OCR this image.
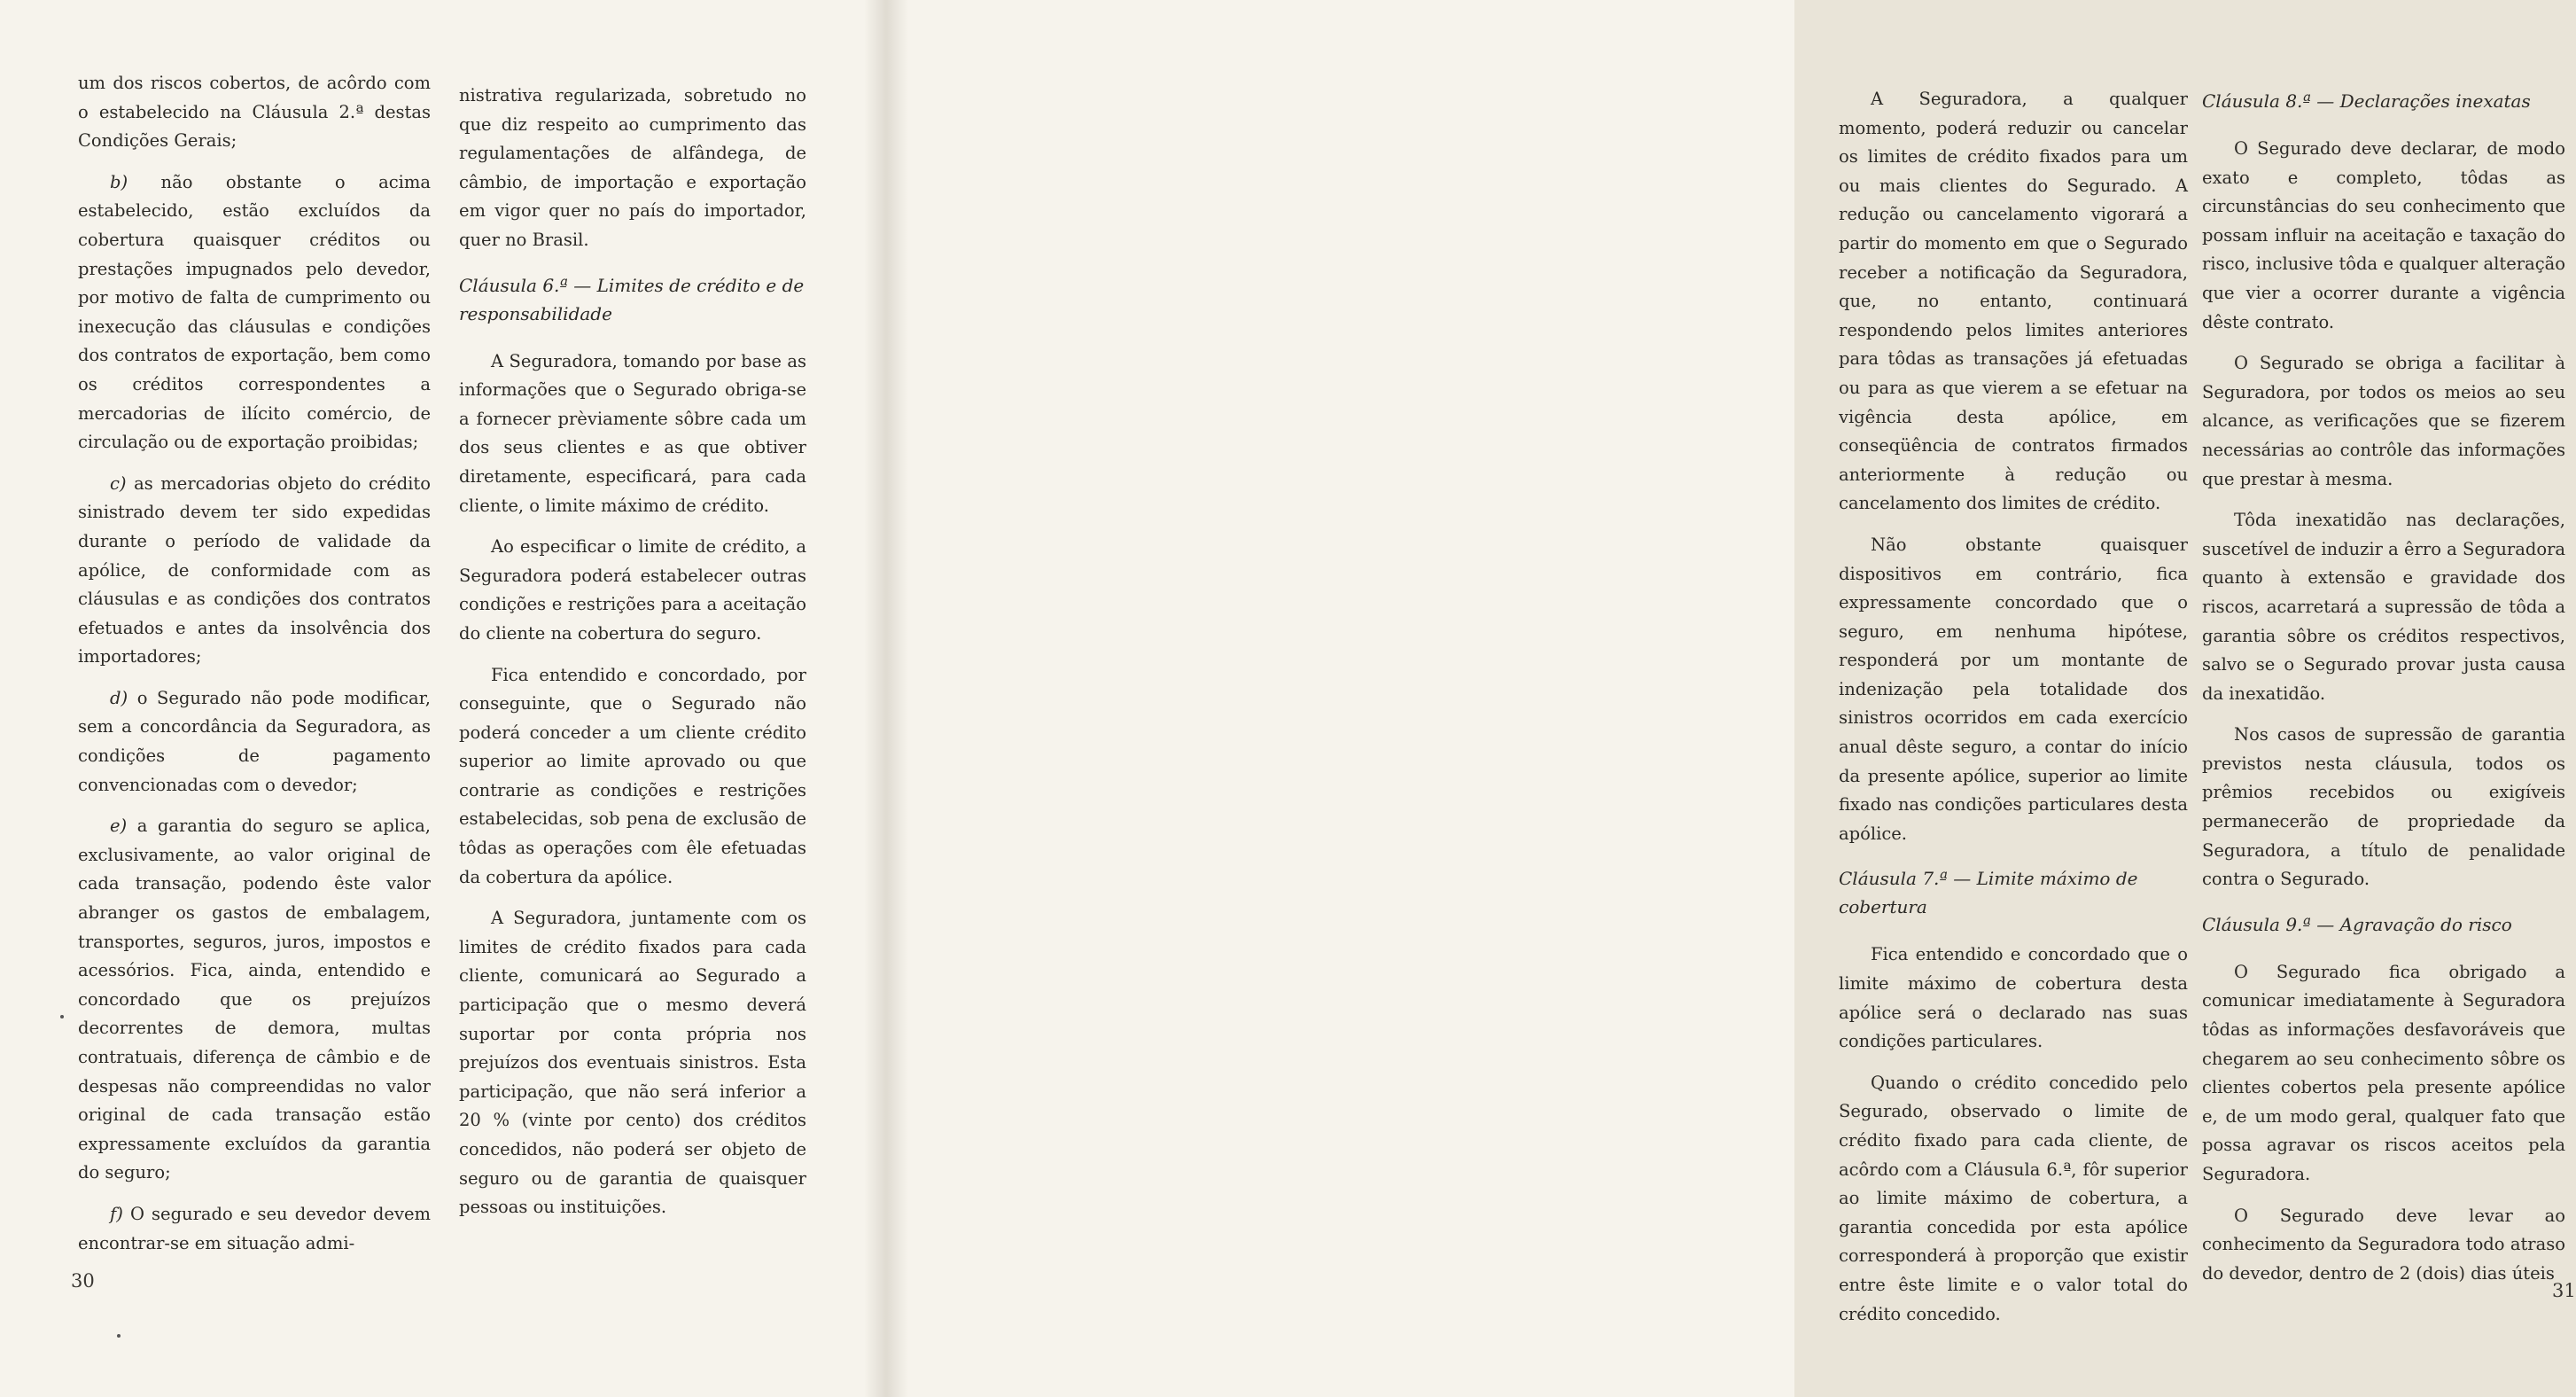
um dos riscos cobertos, de acôrdo com o estabelecido na Cláusula 2.ª destas Condições Gerais;

b) não obstante o acima estabelecido, estão excluídos da cobertura quaisquer créditos ou prestações impugnados pelo devedor, por motivo de falta de cumprimento ou inexecução das cláusulas e condições dos contratos de exportação, bem como os créditos correspondentes a mercadorias de ilícito comércio, de circulação ou de exportação proibidas;

c) as mercadorias objeto do crédito sinistrado devem ter sido expedidas durante o período de validade da apólice, de conformidade com as cláusulas e as condições dos contratos efetuados e antes da insolvência dos importadores;

d) o Segurado não pode modificar, sem a concordância da Seguradora, as condições de pagamento convencionadas com o devedor;

e) a garantia do seguro se aplica, exclusivamente, ao valor original de cada transação, podendo êste valor abranger os gastos de embalagem, transportes, seguros, juros, impostos e acessórios. Fica, ainda, entendido e concordado que os prejuízos decorrentes de demora, multas contratuais, diferença de câmbio e de despesas não compreendidas no valor original de cada transação estão expressamente excluídos da garantia do seguro;

f) O segurado e seu devedor devem encontrar-se em situação admi-

nistrativa regularizada, sobretudo no que diz respeito ao cumprimento das regulamentações de alfândega, de câmbio, de importação e exportação em vigor quer no país do importador, quer no Brasil.

Cláusula 6.ª — Limites de crédito e de responsabilidade

A Seguradora, tomando por base as informações que o Segurado obriga-se a fornecer prèviamente sôbre cada um dos seus clientes e as que obtiver diretamente, especificará, para cada cliente, o limite máximo de crédito.

Ao especificar o limite de crédito, a Seguradora poderá estabelecer outras condições e restrições para a aceitação do cliente na cobertura do seguro.

Fica entendido e concordado, por conseguinte, que o Segurado não poderá conceder a um cliente crédito superior ao limite aprovado ou que contrarie as condições e restrições estabelecidas, sob pena de exclusão de tôdas as operações com êle efetuadas da cobertura da apólice.

A Seguradora, juntamente com os limites de crédito fixados para cada cliente, comunicará ao Segurado a participação que o mesmo deverá suportar por conta própria nos prejuízos dos eventuais sinistros. Esta participação, que não será inferior a 20 % (vinte por cento) dos créditos concedidos, não poderá ser objeto de seguro ou de garantia de quaisquer pessoas ou instituições.

30

A Seguradora, a qualquer momento, poderá reduzir ou cancelar os limites de crédito fixados para um ou mais clientes do Segurado. A redução ou cancelamento vigorará a partir do momento em que o Segurado receber a notificação da Seguradora, que, no entanto, continuará respondendo pelos limites anteriores para tôdas as transações já efetuadas ou para as que vierem a se efetuar na vigência desta apólice, em conseqüência de contratos firmados anteriormente à redução ou cancelamento dos limites de crédito.

Não obstante quaisquer dispositivos em contrário, fica expressamente concordado que o seguro, em nenhuma hipótese, responderá por um montante de indenização pela totalidade dos sinistros ocorridos em cada exercício anual dêste seguro, a contar do início da presente apólice, superior ao limite fixado nas condições particulares desta apólice.

Cláusula 7.ª — Limite máximo de cobertura

Fica entendido e concordado que o limite máximo de cobertura desta apólice será o declarado nas suas condições particulares.

Quando o crédito concedido pelo Segurado, observado o limite de crédito fixado para cada cliente, de acôrdo com a Cláusula 6.ª, fôr superior ao limite máximo de cobertura, a garantia concedida por esta apólice corresponderá à proporção que existir entre êste limite e o valor total do crédito concedido.

Cláusula 8.ª — Declarações inexatas

O Segurado deve declarar, de modo exato e completo, tôdas as circunstâncias do seu conhecimento que possam influir na aceitação e taxação do risco, inclusive tôda e qualquer alteração que vier a ocorrer durante a vigência dêste contrato.

O Segurado se obriga a facilitar à Seguradora, por todos os meios ao seu alcance, as verificações que se fizerem necessárias ao contrôle das informações que prestar à mesma.

Tôda inexatidão nas declarações, suscetível de induzir a êrro a Seguradora quanto à extensão e gravidade dos riscos, acarretará a supressão de tôda a garantia sôbre os créditos respectivos, salvo se o Segurado provar justa causa da inexatidão.

Nos casos de supressão de garantia previstos nesta cláusula, todos os prêmios recebidos ou exigíveis permanecerão de propriedade da Seguradora, a título de penalidade contra o Segurado.

Cláusula 9.ª — Agravação do risco

O Segurado fica obrigado a comunicar imediatamente à Seguradora tôdas as informações desfavoráveis que chegarem ao seu conhecimento sôbre os clientes cobertos pela presente apólice e, de um modo geral, qualquer fato que possa agravar os riscos aceitos pela Seguradora.

O Segurado deve levar ao conhecimento da Seguradora todo atraso do devedor, dentro de 2 (dois) dias úteis

31
